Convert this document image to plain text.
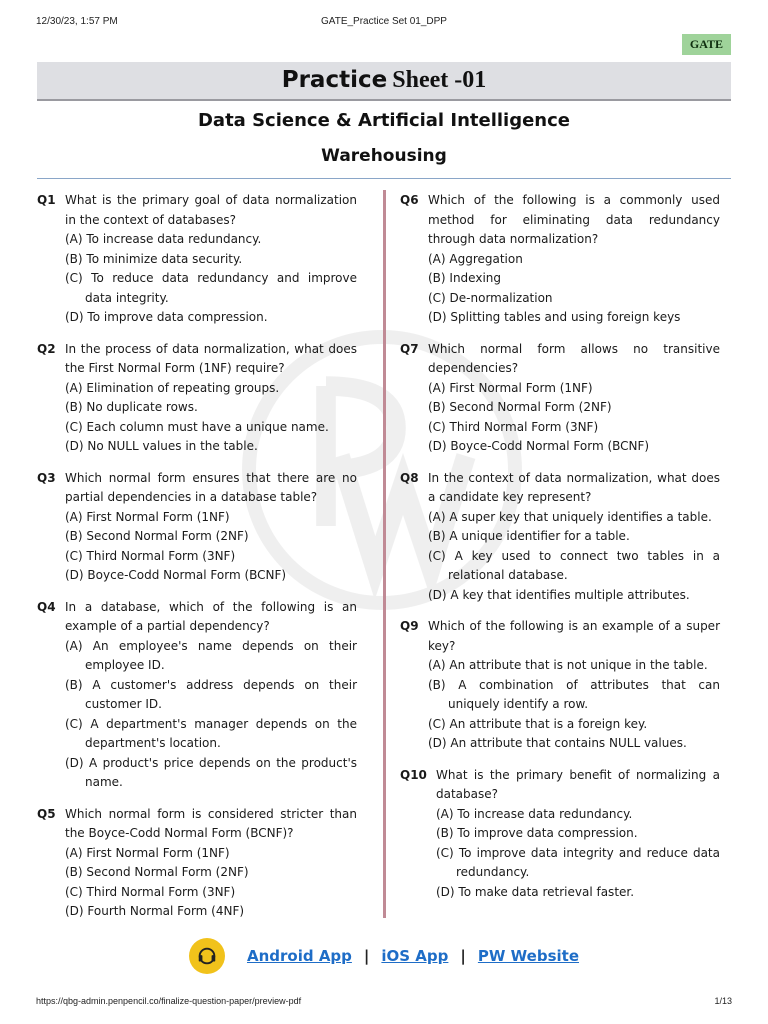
12/30/23, 1:57 PM	GATE_Practice Set 01_DPP
GATE
Practice Sheet -01
Data Science & Artificial Intelligence
Warehousing
Q1 What is the primary goal of data normalization in the context of databases?
(A) To increase data redundancy.
(B) To minimize data security.
(C) To reduce data redundancy and improve data integrity.
(D) To improve data compression.
Q2 In the process of data normalization, what does the First Normal Form (1NF) require?
(A) Elimination of repeating groups.
(B) No duplicate rows.
(C) Each column must have a unique name.
(D) No NULL values in the table.
Q3 Which normal form ensures that there are no partial dependencies in a database table?
(A) First Normal Form (1NF)
(B) Second Normal Form (2NF)
(C) Third Normal Form (3NF)
(D) Boyce-Codd Normal Form (BCNF)
Q4 In a database, which of the following is an example of a partial dependency?
(A) An employee's name depends on their employee ID.
(B) A customer's address depends on their customer ID.
(C) A department's manager depends on the department's location.
(D) A product's price depends on the product's name.
Q5 Which normal form is considered stricter than the Boyce-Codd Normal Form (BCNF)?
(A) First Normal Form (1NF)
(B) Second Normal Form (2NF)
(C) Third Normal Form (3NF)
(D) Fourth Normal Form (4NF)
Q6 Which of the following is a commonly used method for eliminating data redundancy through data normalization?
(A) Aggregation
(B) Indexing
(C) De-normalization
(D) Splitting tables and using foreign keys
Q7 Which normal form allows no transitive dependencies?
(A) First Normal Form (1NF)
(B) Second Normal Form (2NF)
(C) Third Normal Form (3NF)
(D) Boyce-Codd Normal Form (BCNF)
Q8 In the context of data normalization, what does a candidate key represent?
(A) A super key that uniquely identifies a table.
(B) A unique identifier for a table.
(C) A key used to connect two tables in a relational database.
(D) A key that identifies multiple attributes.
Q9 Which of the following is an example of a super key?
(A) An attribute that is not unique in the table.
(B) A combination of attributes that can uniquely identify a row.
(C) An attribute that is a foreign key.
(D) An attribute that contains NULL values.
Q10 What is the primary benefit of normalizing a database?
(A) To increase data redundancy.
(B) To improve data compression.
(C) To improve data integrity and reduce data redundancy.
(D) To make data retrieval faster.
Android App | iOS App | PW Website
https://qbg-admin.penpencil.co/finalize-question-paper/preview-pdf	1/13
